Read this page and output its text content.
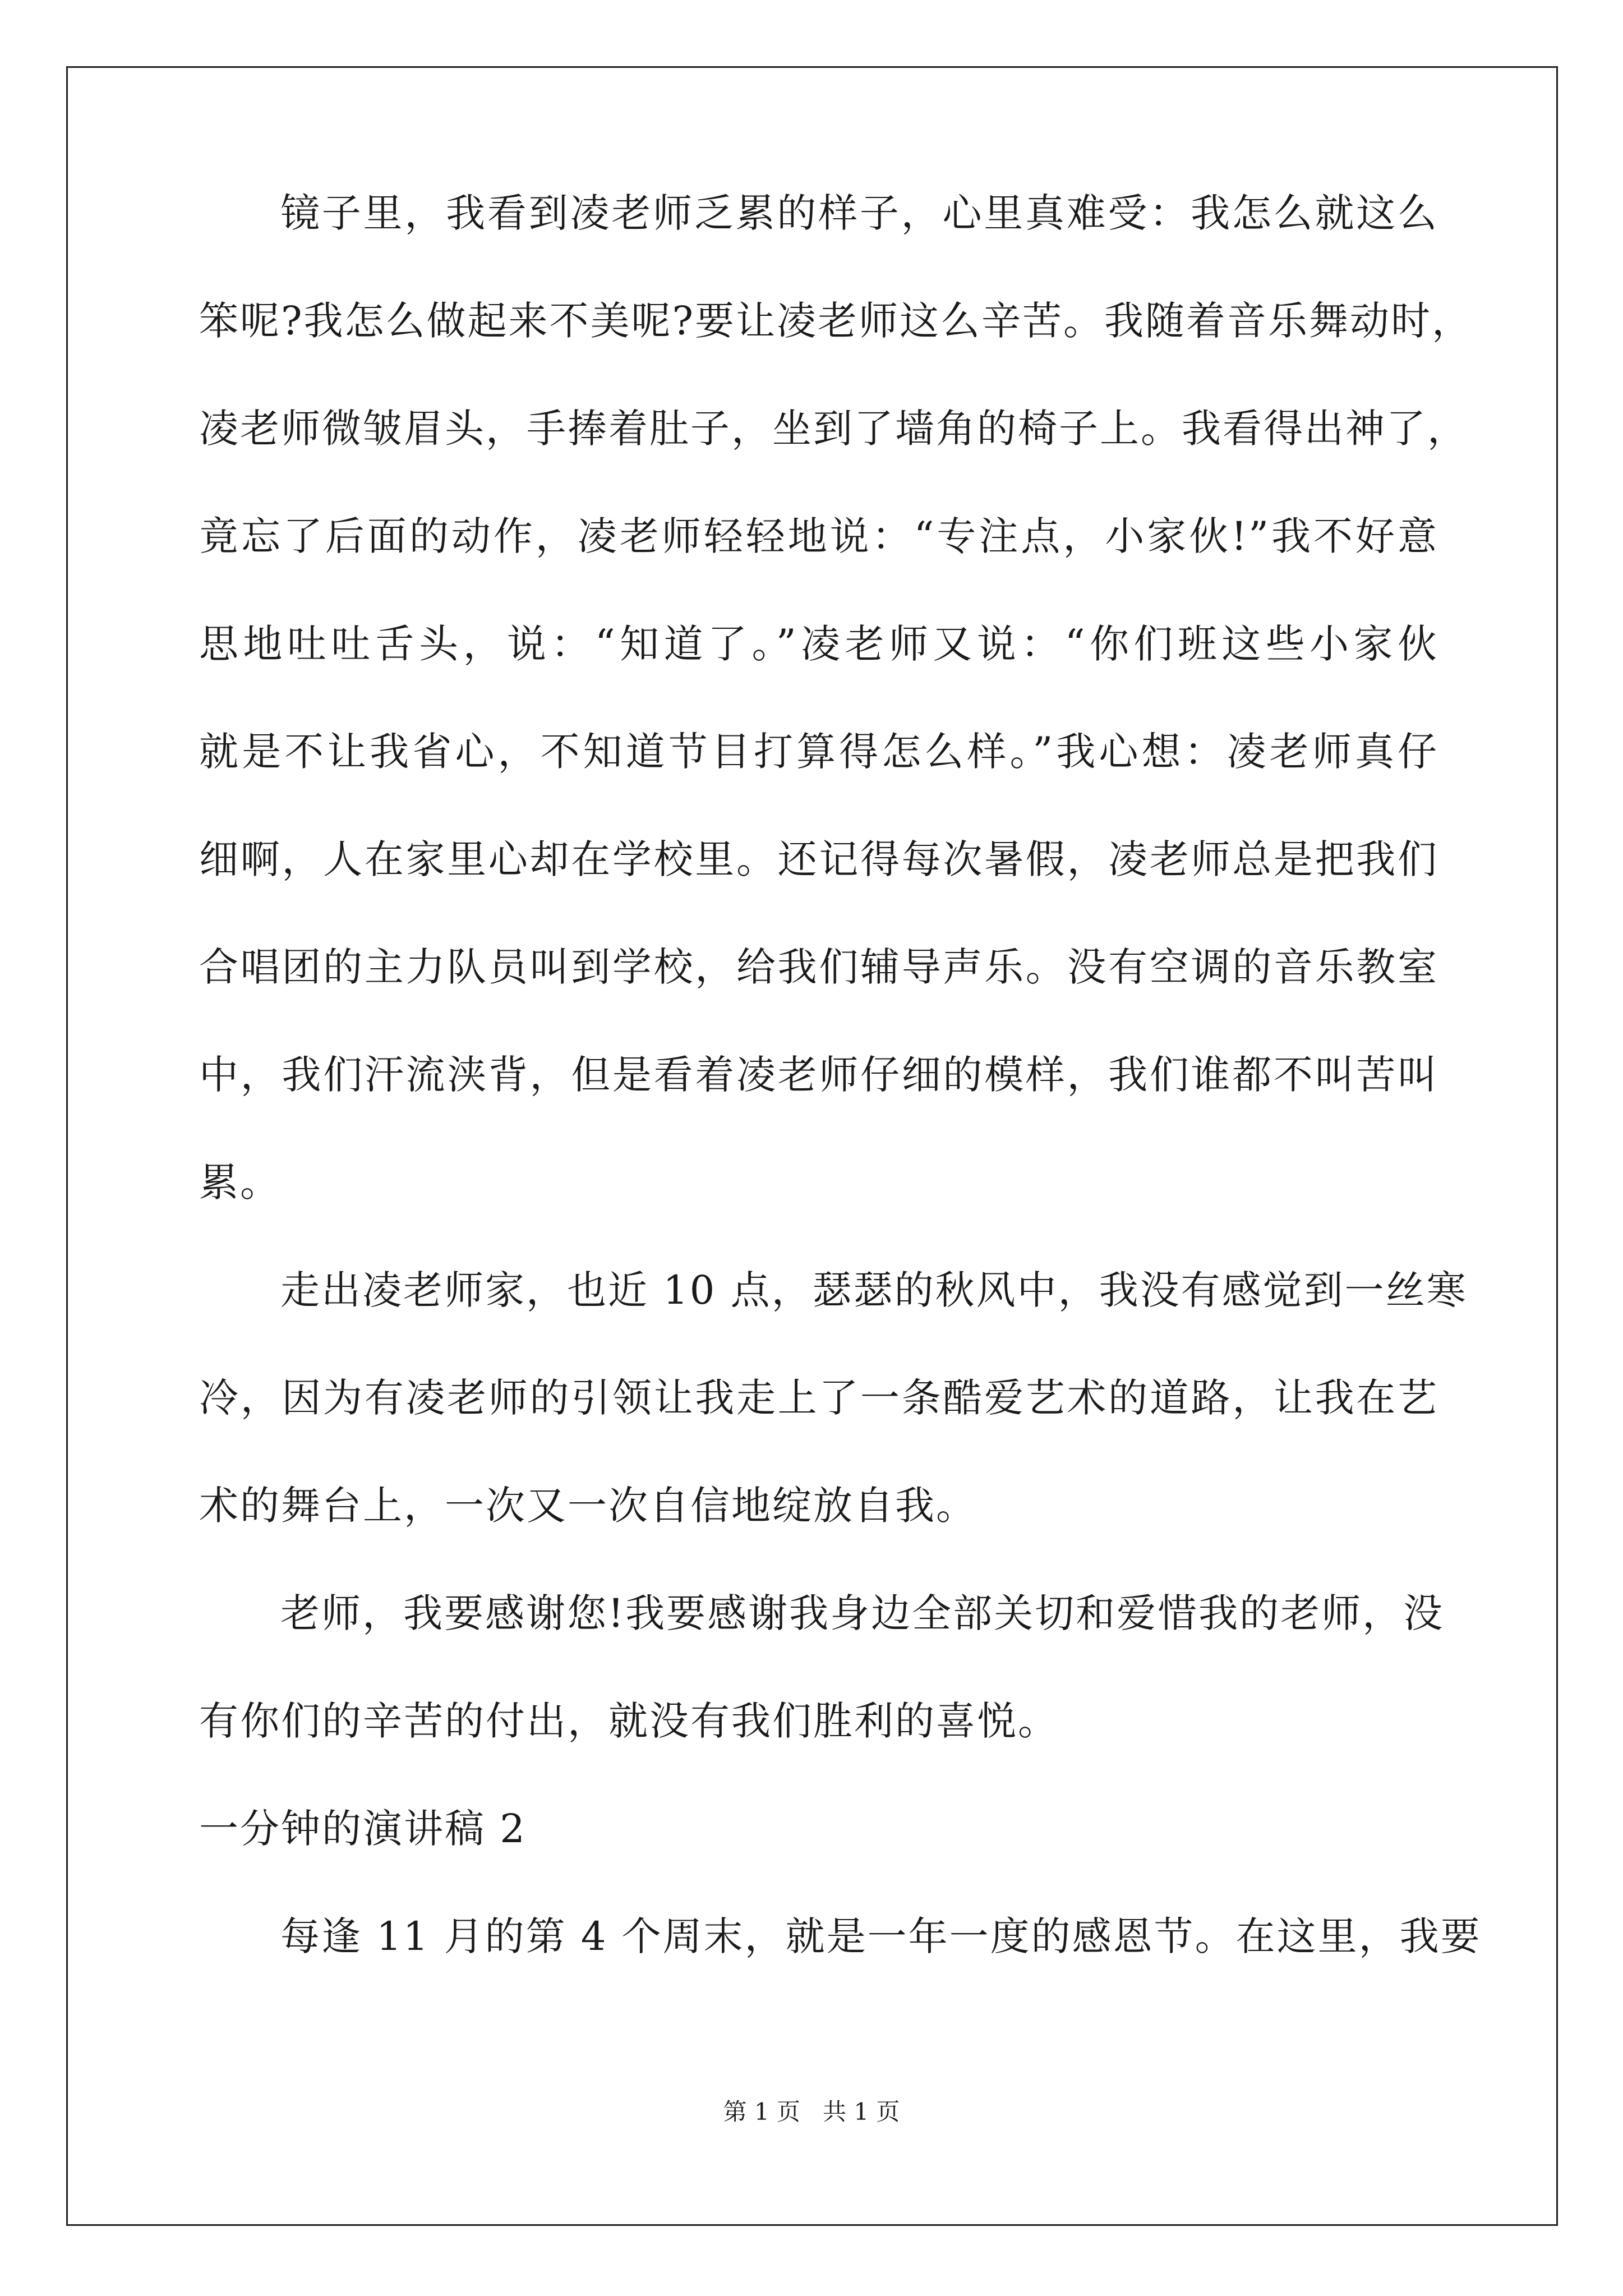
镜子里，我看到凌老师乏累的样子，心里真难受：我怎么就这么
笨呢?我怎么做起来不美呢?要让凌老师这么辛苦。我随着音乐舞动时，
凌老师微皱眉头，手捧着肚子，坐到了墙角的椅子上。我看得出神了，
竟忘了后面的动作，凌老师轻轻地说：“专注点，小家伙!”我不好意
思地吐吐舌头，说：“知道了。”凌老师又说：“你们班这些小家伙
就是不让我省心，不知道节目打算得怎么样。”我心想：凌老师真仔
细啊，人在家里心却在学校里。还记得每次暑假，凌老师总是把我们
合唱团的主力队员叫到学校，给我们辅导声乐。没有空调的音乐教室
中，我们汗流浃背，但是看着凌老师仔细的模样，我们谁都不叫苦叫
累。
走出凌老师家，也近 10 点，瑟瑟的秋风中，我没有感觉到一丝寒
冷，因为有凌老师的引领让我走上了一条酷爱艺术的道路，让我在艺
术的舞台上，一次又一次自信地绽放自我。
老师，我要感谢您!我要感谢我身边全部关切和爱惜我的老师，没
有你们的辛苦的付出，就没有我们胜利的喜悦。
一分钟的演讲稿 2
每逢 11 月的第 4 个周末，就是一年一度的感恩节。在这里，我要
第 1 页 共 1 页
